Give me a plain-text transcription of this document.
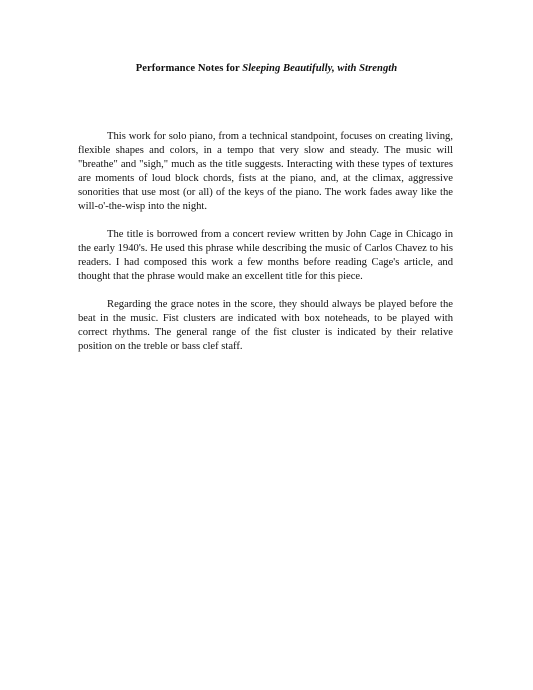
Performance Notes for Sleeping Beautifully, with Strength

This work for solo piano, from a technical standpoint, focuses on creating living, flexible shapes and colors, in a tempo that very slow and steady. The music will "breathe" and "sigh," much as the title suggests. Interacting with these types of textures are moments of loud block chords, fists at the piano, and, at the climax, aggressive sonorities that use most (or all) of the keys of the piano. The work fades away like the will-o'-the-wisp into the night.

The title is borrowed from a concert review written by John Cage in Chicago in the early 1940's. He used this phrase while describing the music of Carlos Chavez to his readers. I had composed this work a few months before reading Cage's article, and thought that the phrase would make an excellent title for this piece.

Regarding the grace notes in the score, they should always be played before the beat in the music. Fist clusters are indicated with box noteheads, to be played with correct rhythms. The general range of the fist cluster is indicated by their relative position on the treble or bass clef staff.
